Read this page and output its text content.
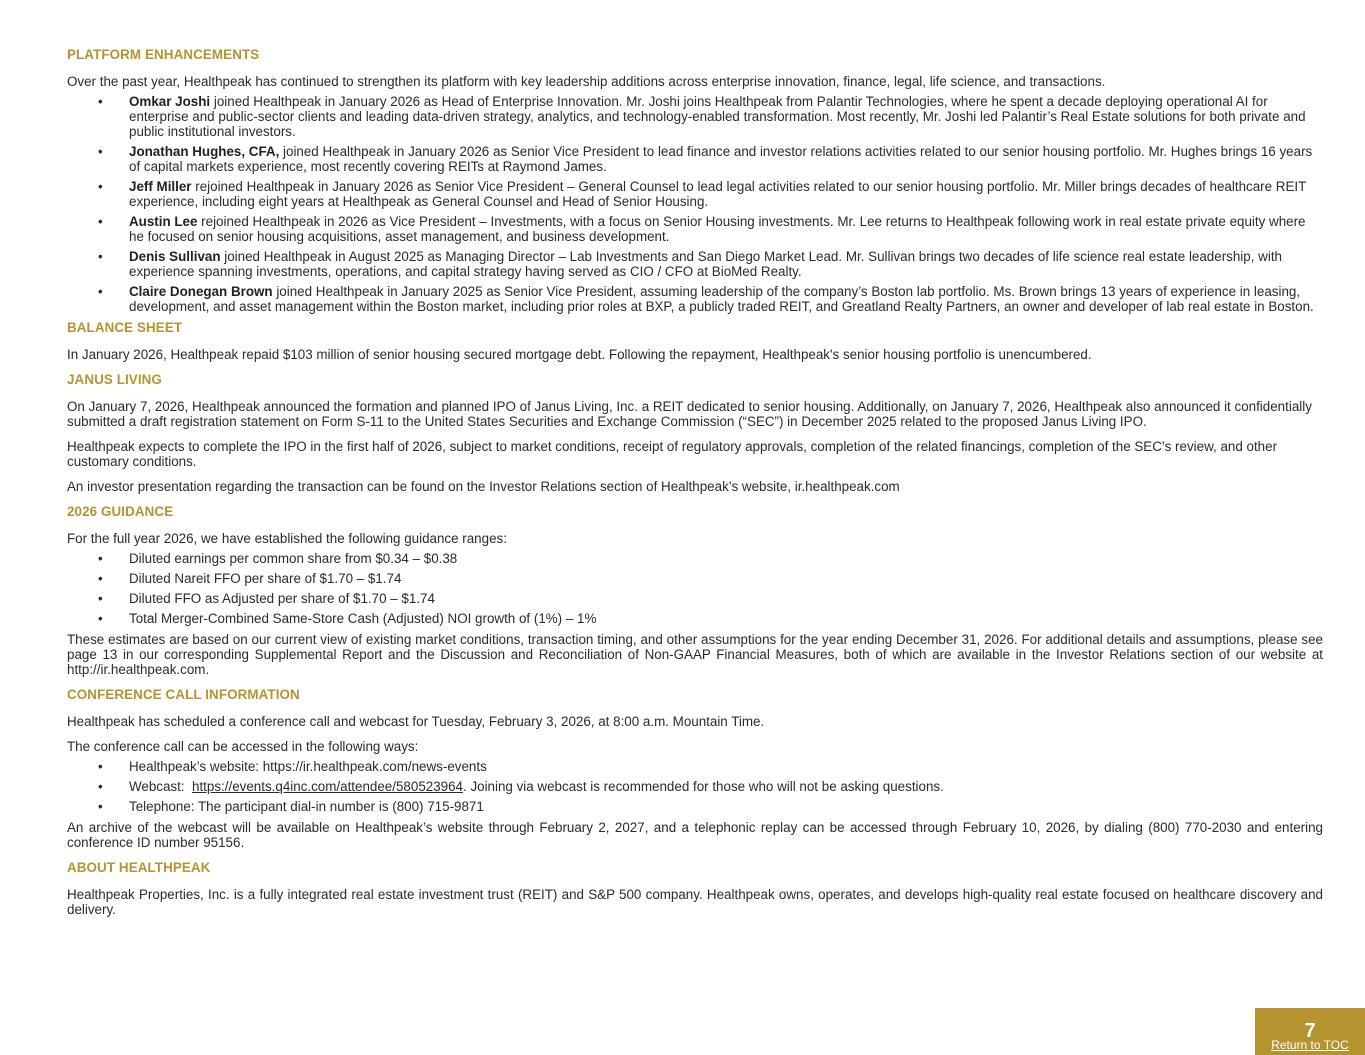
PLATFORM ENHANCEMENTS

Over the past year, Healthpeak has continued to strengthen its platform with key leadership additions across enterprise innovation, finance, legal, life science, and transactions.

• Omkar Joshi joined Healthpeak in January 2026 as Head of Enterprise Innovation. Mr. Joshi joins Healthpeak from Palantir Technologies, where he spent a decade deploying operational AI for enterprise and public-sector clients and leading data-driven strategy, analytics, and technology-enabled transformation. Most recently, Mr. Joshi led Palantir’s Real Estate solutions for both private and public institutional investors.
• Jonathan Hughes, CFA, joined Healthpeak in January 2026 as Senior Vice President to lead finance and investor relations activities related to our senior housing portfolio. Mr. Hughes brings 16 years of capital markets experience, most recently covering REITs at Raymond James.
• Jeff Miller rejoined Healthpeak in January 2026 as Senior Vice President – General Counsel to lead legal activities related to our senior housing portfolio. Mr. Miller brings decades of healthcare REIT experience, including eight years at Healthpeak as General Counsel and Head of Senior Housing.
• Austin Lee rejoined Healthpeak in 2026 as Vice President – Investments, with a focus on Senior Housing investments. Mr. Lee returns to Healthpeak following work in real estate private equity where he focused on senior housing acquisitions, asset management, and business development.
• Denis Sullivan joined Healthpeak in August 2025 as Managing Director – Lab Investments and San Diego Market Lead. Mr. Sullivan brings two decades of life science real estate leadership, with experience spanning investments, operations, and capital strategy having served as CIO / CFO at BioMed Realty.
• Claire Donegan Brown joined Healthpeak in January 2025 as Senior Vice President, assuming leadership of the company’s Boston lab portfolio. Ms. Brown brings 13 years of experience in leasing, development, and asset management within the Boston market, including prior roles at BXP, a publicly traded REIT, and Greatland Realty Partners, an owner and developer of lab real estate in Boston.
BALANCE SHEET

In January 2026, Healthpeak repaid $103 million of senior housing secured mortgage debt. Following the repayment, Healthpeak's senior housing portfolio is unencumbered.

JANUS LIVING

On January 7, 2026, Healthpeak announced the formation and planned IPO of Janus Living, Inc. a REIT dedicated to senior housing. Additionally, on January 7, 2026, Healthpeak also announced it confidentially submitted a draft registration statement on Form S-11 to the United States Securities and Exchange Commission (“SEC”) in December 2025 related to the proposed Janus Living IPO.

Healthpeak expects to complete the IPO in the first half of 2026, subject to market conditions, receipt of regulatory approvals, completion of the related financings, completion of the SEC’s review, and other customary conditions.

An investor presentation regarding the transaction can be found on the Investor Relations section of Healthpeak’s website, ir.healthpeak.com

2026 GUIDANCE

For the full year 2026, we have established the following guidance ranges:

• Diluted earnings per common share from $0.34 – $0.38
• Diluted Nareit FFO per share of $1.70 – $1.74
• Diluted FFO as Adjusted per share of $1.70 – $1.74
• Total Merger-Combined Same-Store Cash (Adjusted) NOI growth of (1%) – 1%

These estimates are based on our current view of existing market conditions, transaction timing, and other assumptions for the year ending December 31, 2026. For additional details and assumptions, please see page 13 in our corresponding Supplemental Report and the Discussion and Reconciliation of Non-GAAP Financial Measures, both of which are available in the Investor Relations section of our website at http://ir.healthpeak.com.

CONFERENCE CALL INFORMATION

Healthpeak has scheduled a conference call and webcast for Tuesday, February 3, 2026, at 8:00 a.m. Mountain Time.

The conference call can be accessed in the following ways:

• Healthpeak’s website: https://ir.healthpeak.com/news-events
• Webcast:  https://events.q4inc.com/attendee/580523964. Joining via webcast is recommended for those who will not be asking questions.
• Telephone: The participant dial-in number is (800) 715-9871

An archive of the webcast will be available on Healthpeak’s website through February 2, 2027, and a telephonic replay can be accessed through February 10, 2026, by dialing (800) 770-2030 and entering conference ID number 95156.

ABOUT HEALTHPEAK

Healthpeak Properties, Inc. is a fully integrated real estate investment trust (REIT) and S&P 500 company. Healthpeak owns, operates, and develops high-quality real estate focused on healthcare discovery and delivery.

7
Return to TOC
